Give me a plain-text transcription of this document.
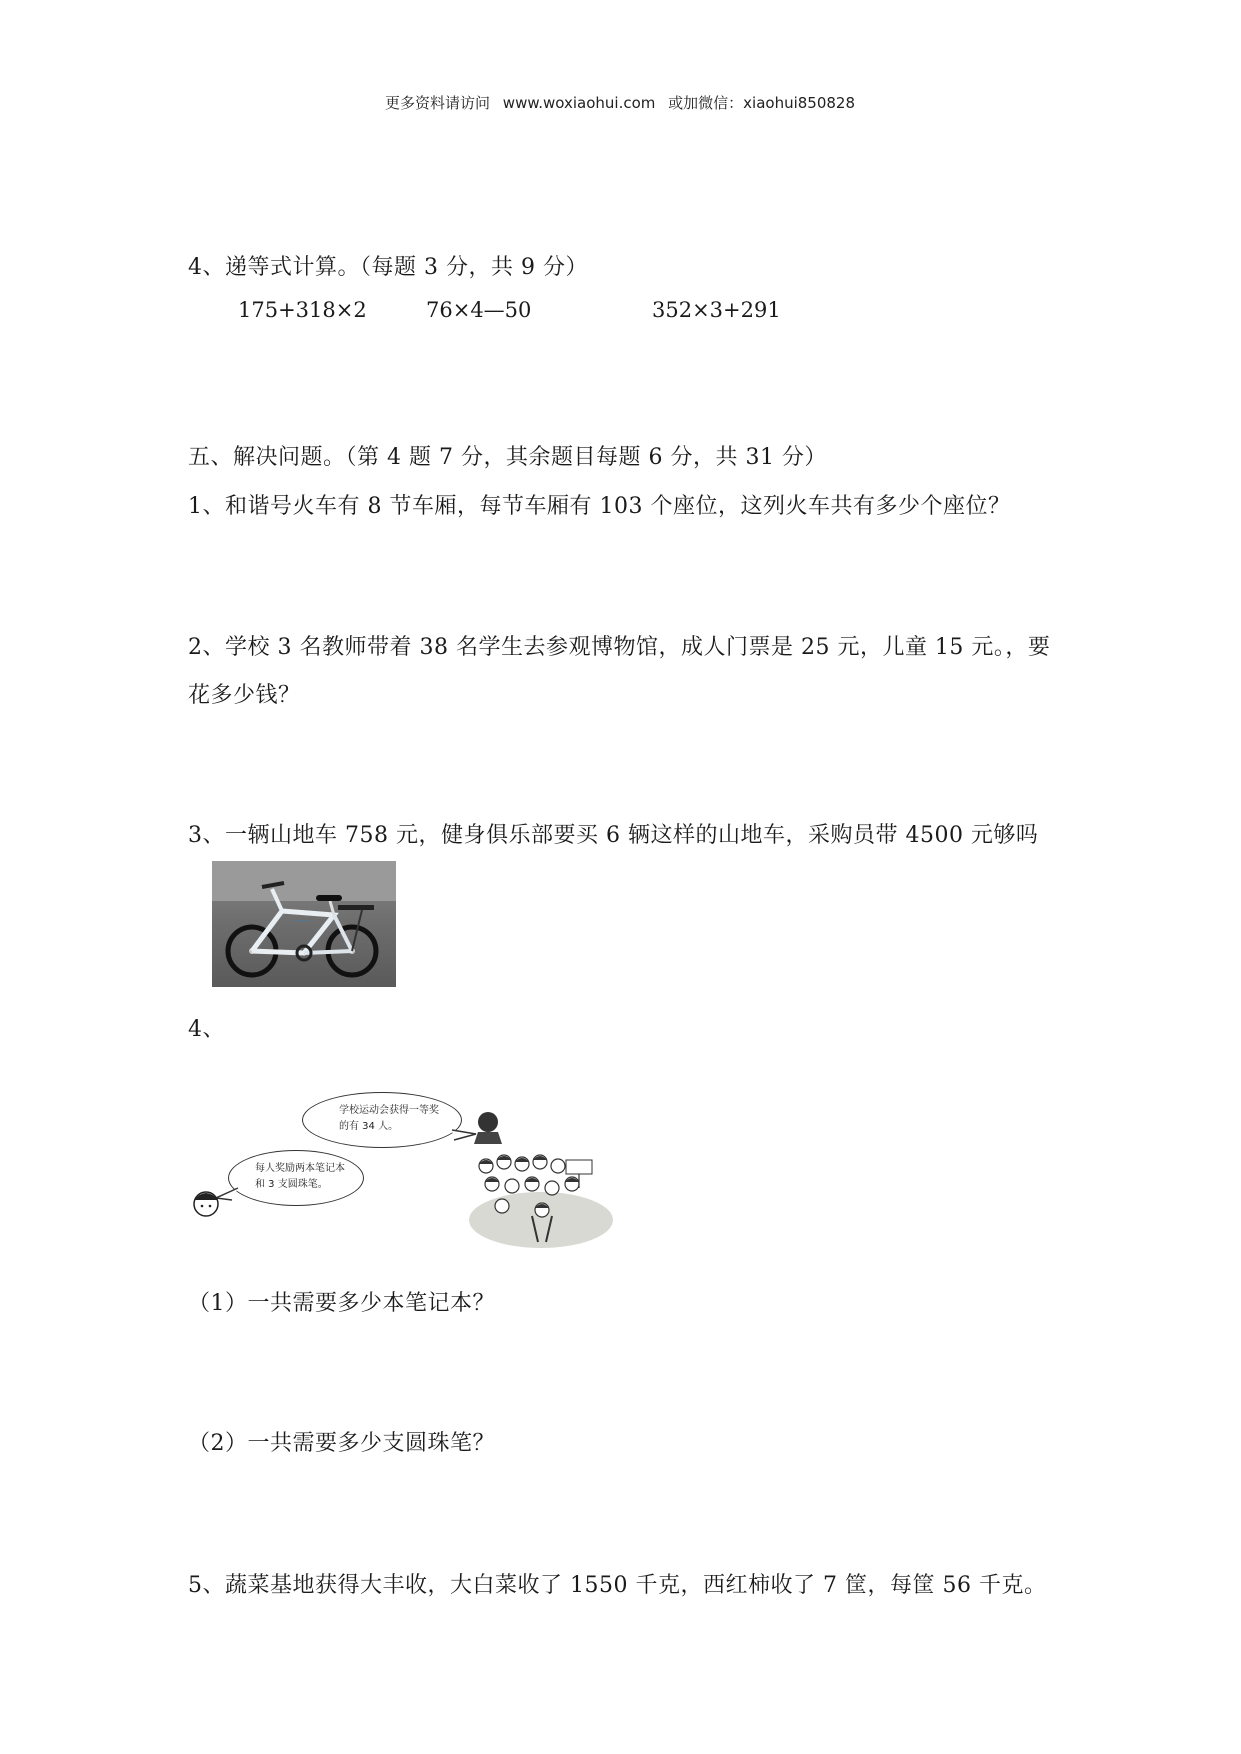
更多资料请访问 www.woxiaohui.com 或加微信：xiaohui850828
4、递等式计算。（每题 3 分，共 9 分）
175+318×2	76×4—50	352×3+291
五、解决问题。（第 4 题 7 分，其余题目每题 6 分，共 31 分）
1、和谐号火车有 8 节车厢，每节车厢有 103 个座位，这列火车共有多少个座位？
2、学校 3 名教师带着 38 名学生去参观博物馆，成人门票是 25 元，儿童 15 元。，要
花多少钱？
3、一辆山地车 758 元，健身俱乐部要买 6 辆这样的山地车，采购员带 4500 元够吗
~~~
4、
学校运动会获得一等奖的有 34 人。
每人奖励两本笔记本和 3 支圆珠笔。
（1）一共需要多少本笔记本？
（2）一共需要多少支圆珠笔？
5、蔬菜基地获得大丰收，大白菜收了 1550 千克，西红柿收了 7 筐，每筐 56 千克。
